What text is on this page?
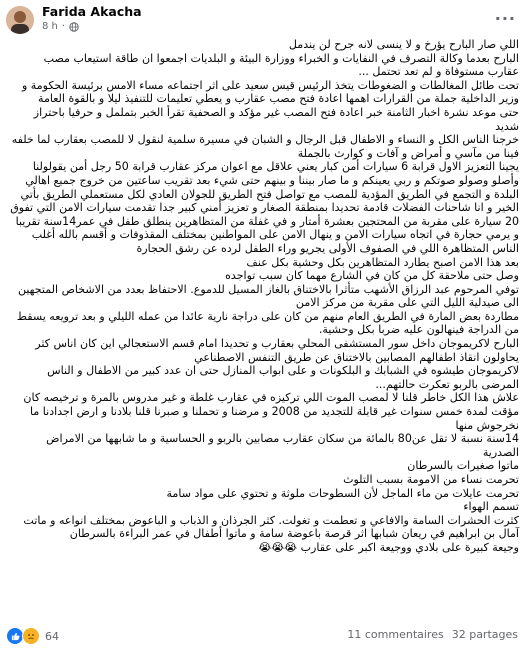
Farida Akacha
8 h ·	···

اللي صار البارح يؤرخ و لا ينسى لانه جرح لن يندمل

البارح بعدما وكالة التصرف في النفايات و الخبراء ووزارة البيئة و البلديات اجمعوا ان طاقة استيعاب مصب عقارب مستوفاة و لم تعد تحتمل ...

تحت طائل المغالطات و الضغوطات يتخذ الرئيس قيس سعيد على اثر اجتماعه مساء الامس برئيسة الحكومة و وزير الداخلية جملة من القرارات اهمها اعادة فتح مصب عقارب و يعطي تعليمات للتنفيذ ليلا و بالقوة العامة

حتى موعد نشرة اخبار الثامنة خبر اعادة فتح المصب غير مؤكد و الصحفية تقرأ الخبر بتململ و حرفيا باحتراز شديد

خرجنا الناس الكل و النساء و الاطفال قبل الرجال و الشبان في مسيرة سلمية لنقول لا للمصب بعقارب لما خلفه فينا من مآسي و أمراض و آفات و كوارث بالجملة

يجينا التعزيز الاول قرابة 6 سيارات أمن كبار يعني علاقل مع اعوان مركز عقارب قرابة 50 رجل أمن يقولولنا وأصلو وصولو صوتكم و ربي يعينكم و ما صار بيننا و بينهم حتى شيء بعد تقريب ساعتين من خروج جميع اهالي البلدة و التجمع في الطريق المؤدية للمصب مع تواصل فتح الطريق للجولان العادي لكل مستعملي الطريق بأتي الخير و انا شاحنات الفضلات قادمة تحديدا بمنطقة الصغار و تعزيز أمني كبير جدا تقدمت سيارات الامن التي تفوق 20 سيارة على مقربة من المحتجين بعشرة أمتار و في غفلة من المتظاهرين ينطلق طفل في عمر14سنة تقريبا و يرمي حجارة في اتجاه سيارات الامن و ينهال الامن على المواطنين بمختلف المقذوفات و أقسم بالله أغلب الناس المتظاهرة اللي في الصفوف الأولى يجريو وراء الطفل لرده عن رشق الحجارة

بعد هذا الامن اصبح يطارد المتظاهرين بكل وحشية بكل عنف

وصل حتى ملاحقة كل من كان في الشارع مهما كان سبب تواجده

توفي المرحوم عبد الرزاق الأشهب متأثرا بالاختناق بالغاز المسيل للدموع. الاحتفاظ بعدد من الاشخاص المتجهين الى صيدلية الليل التي على مقربة من مركز الامن

مطاردة بعض المارة في الطريق العام منهم من كان على دراجة نارية عائدا من عمله الليلي و بعد ترويعه يسقط من الدراجة فينهالون عليه ضربا بكل وحشية.

البارح لاكريموجان داخل سور المستشفى المحلي بعقارب و تحديدا امام قسم الاستعجالي اين كان اناس كثر يحاولون انقاذ اطفالهم المصابين بالاختناق عن طريق التنفس الاصطناعي

لاكريموجان طيشوه في الشبابك و البلكونات و على ابواب المنازل حتى ان عدد كبير من الاطفال و الناس المرضى بالربو تعكرت حالتهم...

علاش هذا الكل خاطر قلنا لا لمصب الموت اللي تركيزه في عقارب غلطة و غير مدروس بالمرة و ترخيصه كان مؤقت لمدة خمس سنوات غير قابلة للتجديد من 2008 و مرضنا و تحملنا و صبرنا قلنا بلادنا و ارض اجدادنا ما نخرجوش منها

14سنة نسبة لا تقل عن80 بالمائة من سكان عقارب مصابين بالربو و الحساسية و ما شابهها من الامراض الصدرية

ماتوا صغيرات بالسرطان

تحرمت نساء من الامومة بسبب التلوث

تحرمت عايلات من ماء الماجل لأن السطوحات ملوثة و تحتوي على مواد سامة

تسمم الهواء

كثرت الحشرات السامة والافاعي و تعطمت و تغولت. كثر الجرذان و الذباب و الباعوض بمختلف انواعه و ماتت آمال بن ابراهيم في ريعان شبابها اثر قرصة باعوضة سامة و ماتوا أطفال في عمر البراءة بالسرطان

وجيعة كبيرة على بلادي ووجيعة اكبر على عقارب 😭😭😭

64	11 commentaires 32 partages
